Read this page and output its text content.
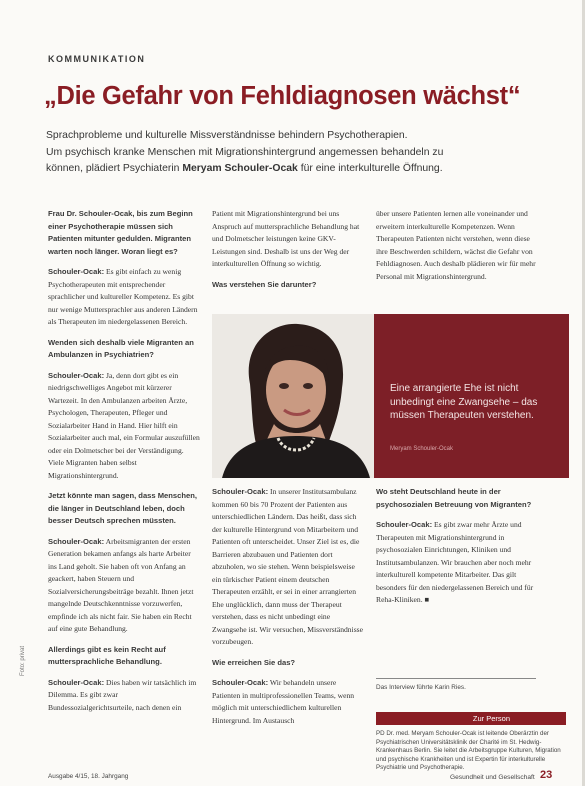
KOMMUNIKATION
„Die Gefahr von Fehldiagnosen wächst“
Sprachprobleme und kulturelle Missverständnisse behindern Psychotherapien.
Um psychisch kranke Menschen mit Migrationshintergrund angemessen behandeln zu
können, plädiert Psychiaterin Meryam Schouler-Ocak für eine interkulturelle Öffnung.

Frau Dr. Schouler-Ocak, bis zum Beginn einer Psychotherapie müssen sich Patienten mitunter gedulden. Migranten warten noch länger. Woran liegt es?

Schouler-Ocak: Es gibt einfach zu wenig Psychotherapeuten mit entsprechender sprachlicher und kultureller Kompetenz. Es gibt nur wenige Muttersprachler aus anderen Ländern als Therapeuten im niedergelassenen Bereich.

Wenden sich deshalb viele Migranten an Ambulanzen in Psychiatrien?

Schouler-Ocak: Ja, denn dort gibt es ein niedrigschwelliges Angebot mit kürzerer Wartezeit. In den Ambulanzen arbeiten Ärzte, Psychologen, Therapeuten, Pfleger und Sozialarbeiter Hand in Hand. Hier hilft ein Sozialarbeiter auch mal, ein Formular auszufüllen oder ein Dolmetscher bei der Verständigung. Viele Migranten haben selbst Migrationshintergrund.

Jetzt könnte man sagen, dass Menschen, die länger in Deutschland leben, doch besser Deutsch sprechen müssten.

Schouler-Ocak: Arbeitsmigranten der ersten Generation bekamen anfangs als harte Arbeiter ins Land geholt. Sie haben oft von Anfang an geackert, haben Steuern und Sozialversicherungsbeiträge bezahlt. Ihnen jetzt mangelnde Deutschkenntnisse vorzuwerfen, empfinde ich als nicht fair. Sie haben ein Recht auf eine gute Behandlung.

Allerdings gibt es kein Recht auf muttersprachliche Behandlung.

Schouler-Ocak: Dies haben wir tatsächlich im Dilemma. Es gibt zwar Bundessozialgerichtsurteile, nach denen ein

Patient mit Migrationshintergrund bei uns Anspruch auf muttersprachliche Behandlung hat und Dolmetscher leistungen keine GKV-Leistungen sind. Deshalb ist uns der Weg der interkulturellen Öffnung so wichtig.

Was verstehen Sie darunter?

über unsere Patienten lernen alle voneinander und erweitern interkulturelle Kompetenzen. Wenn Therapeuten Patienten nicht verstehen, wenn diese ihre Beschwerden schildern, wächst die Gefahr von Fehldiagnosen. Auch deshalb plädieren wir für mehr Personal mit Migrationshintergrund.

Eine arrangierte Ehe ist nicht unbedingt eine Zwangsehe – das müssen Therapeuten verstehen.
Meryam Schouler-Ocak

Schouler-Ocak: In unserer Institutsambulanz kommen 60 bis 70 Prozent der Patienten aus unterschiedlichen Ländern. Das heißt, dass sich der kulturelle Hintergrund von Mitarbeitern und Patienten oft unterscheidet. Unser Ziel ist es, die Barrieren abzubauen und Patienten dort abzuholen, wo sie stehen. Wenn beispielsweise ein türkischer Patient einem deutschen Therapeuten erzählt, er sei in einer arrangierten Ehe unglücklich, dann muss der Therapeut verstehen, dass es nicht unbedingt eine Zwangsehe ist. Wir versuchen, Missverständnisse vorzubeugen.

Wie erreichen Sie das?

Schouler-Ocak: Wir behandeln unsere Patienten in multiprofessionellen Teams, wenn möglich mit unterschiedlichem kulturellen Hintergrund. Im Austausch

Wo steht Deutschland heute in der psychosozialen Betreuung von Migranten?

Schouler-Ocak: Es gibt zwar mehr Ärzte und Therapeuten mit Migrationshintergrund in psychosozialen Einrichtungen, Kliniken und Institutsambulanzen. Wir brauchen aber noch mehr interkulturell kompetente Mitarbeiter. Das gilt besonders für den niedergelassenen Bereich und für Reha-Kliniken. ■

Das Interview führte Karin Ries.
Zur Person
PD Dr. med. Meryam Schouler-Ocak ist leitende Oberärztin der Psychiatrischen Universitätsklinik der Charité im St. Hedwig-Krankenhaus Berlin. Sie leitet die Arbeitsgruppe Kulturen, Migration und psychische Krankheiten und ist Expertin für interkulturelle Psychiatrie und Psychotherapie.
Foto: privat
Ausgabe 4/15, 18. Jahrgang	Gesundheit und Gesellschaft 23
